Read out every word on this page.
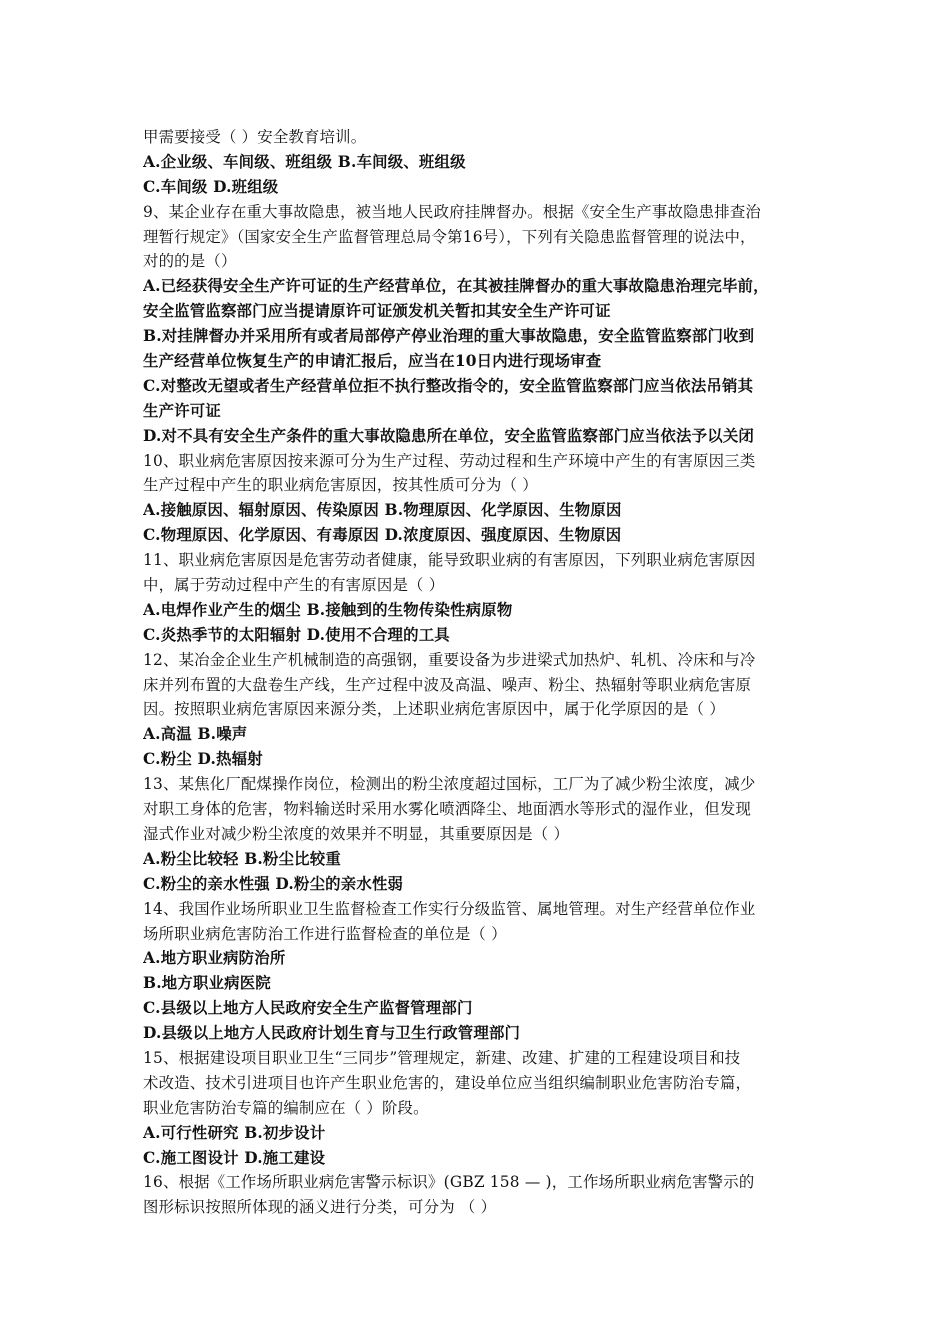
甲需要接受（ ）安全教育培训。
A.企业级、车间级、班组级 B.车间级、班组级
C.车间级 D.班组级
9、某企业存在重大事故隐患，被当地人民政府挂牌督办。根据《安全生产事故隐患排查治
理暂行规定》（国家安全生产监督管理总局令第16号），下列有关隐患监督管理的说法中，
对的的是（）
A.已经获得安全生产许可证的生产经营单位，在其被挂牌督办的重大事故隐患治理完毕前，
安全监管监察部门应当提请原许可证颁发机关暂扣其安全生产许可证
B.对挂牌督办并采用所有或者局部停产停业治理的重大事故隐患，安全监管监察部门收到
生产经营单位恢复生产的申请汇报后，应当在10日内进行现场审查
C.对整改无望或者生产经营单位拒不执行整改指令的，安全监管监察部门应当依法吊销其
生产许可证
D.对不具有安全生产条件的重大事故隐患所在单位，安全监管监察部门应当依法予以关闭
10、职业病危害原因按来源可分为生产过程、劳动过程和生产环境中产生的有害原因三类
生产过程中产生的职业病危害原因，按其性质可分为（ ）
A.接触原因、辐射原因、传染原因 B.物理原因、化学原因、生物原因
C.物理原因、化学原因、有毒原因 D.浓度原因、强度原因、生物原因
11、职业病危害原因是危害劳动者健康，能导致职业病的有害原因，下列职业病危害原因
中，属于劳动过程中产生的有害原因是（ ）
A.电焊作业产生的烟尘 B.接触到的生物传染性病原物
C.炎热季节的太阳辐射 D.使用不合理的工具
12、某冶金企业生产机械制造的高强钢，重要设备为步进梁式加热炉、轧机、冷床和与冷
床并列布置的大盘卷生产线，生产过程中波及高温、噪声、粉尘、热辐射等职业病危害原
因。按照职业病危害原因来源分类，上述职业病危害原因中，属于化学原因的是（ ）
A.高温 B.噪声
C.粉尘 D.热辐射
13、某焦化厂配煤操作岗位，检测出的粉尘浓度超过国标，工厂为了减少粉尘浓度，减少
对职工身体的危害，物料输送时采用水雾化喷洒降尘、地面洒水等形式的湿作业，但发现
湿式作业对减少粉尘浓度的效果并不明显，其重要原因是（ ）
A.粉尘比较轻 B.粉尘比较重
C.粉尘的亲水性强 D.粉尘的亲水性弱
14、我国作业场所职业卫生监督检查工作实行分级监管、属地管理。对生产经营单位作业
场所职业病危害防治工作进行监督检查的单位是（ ）
A.地方职业病防治所
B.地方职业病医院
C.县级以上地方人民政府安全生产监督管理部门
D.县级以上地方人民政府计划生育与卫生行政管理部门
15、根据建设项目职业卫生“三同步”管理规定，新建、改建、扩建的工程建设项目和技
术改造、技术引进项目也许产生职业危害的，建设单位应当组织编制职业危害防治专篇，
职业危害防治专篇的编制应在（ ）阶段。
A.可行性研究 B.初步设计
C.施工图设计 D.施工建设
16、根据《工作场所职业病危害警示标识》(GBZ 158 — )，工作场所职业病危害警示的
图形标识按照所体现的涵义进行分类，可分为 （ ）
